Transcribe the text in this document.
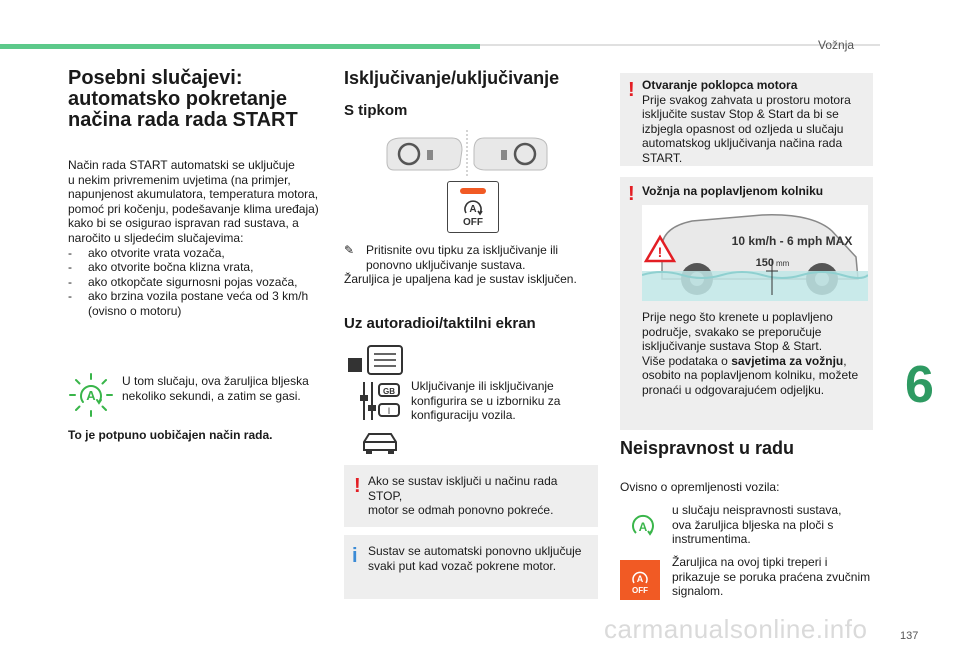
Vožnja
137
6
carmanualsonline.info
Posebni slučajevi:
automatsko pokretanje
načina rada rada START
Način rada START automatski se uključuje
u nekim privremenim uvjetima (na primjer,
napunjenost akumulatora, temperatura motora,
pomoć pri kočenju, podešavanje klima uređaja)
kako bi se osigurao ispravan rad sustava, a
naročito u sljedećim slučajevima:
-	ako otvorite vrata vozača,
-	ako otvorite bočna klizna vrata,
-	ako otkopčate sigurnosni pojas vozača,
-	ako brzina vozila postane veća od 3 km/h
(ovisno o motoru)
A
U tom slučaju, ova žaruljica bljeska
nekoliko sekundi, a zatim se gasi.
To je potpuno uobičajen način rada.
Isključivanje/uključivanje
S tipkom
A
OFF
✎ Pritisnite ovu tipku za isključivanje ili
ponovno uključivanje sustava.
Žaruljica je upaljena kad je sustav isključen.
Uz autoradioi/taktilni ekran
GB
I
Uključivanje ili isključivanje
konfigurira se u izborniku za
konfiguraciju vozila.
! Ako se sustav isključi u načinu rada STOP,
motor se odmah ponovno pokreće.
i Sustav se automatski ponovno uključuje
svaki put kad vozač pokrene motor.
! Otvaranje poklopca motora
Prije svakog zahvata u prostoru motora
isključite sustav Stop & Start da bi se
izbjegla opasnost od ozljeda u slučaju
automatskog uključivanja načina rada
START.
! Vožnja na poplavljenom kolniku
!
10 km/h - 6 mph MAX
150 mm
Prije nego što krenete u poplavljeno
područje, svakako se preporučuje
isključivanje sustava Stop & Start.
Više podataka o savjetima za vožnju,
osobito na poplavljenom kolniku, možete
pronaći u odgovarajućem odjeljku.
Neispravnost u radu
Ovisno o opremljenosti vozila:
A
u slučaju neispravnosti sustava,
ova žaruljica bljeska na ploči s
instrumentima.
A
OFF
Žaruljica na ovoj tipki treperi i
prikazuje se poruka praćena zvučnim
signalom.
